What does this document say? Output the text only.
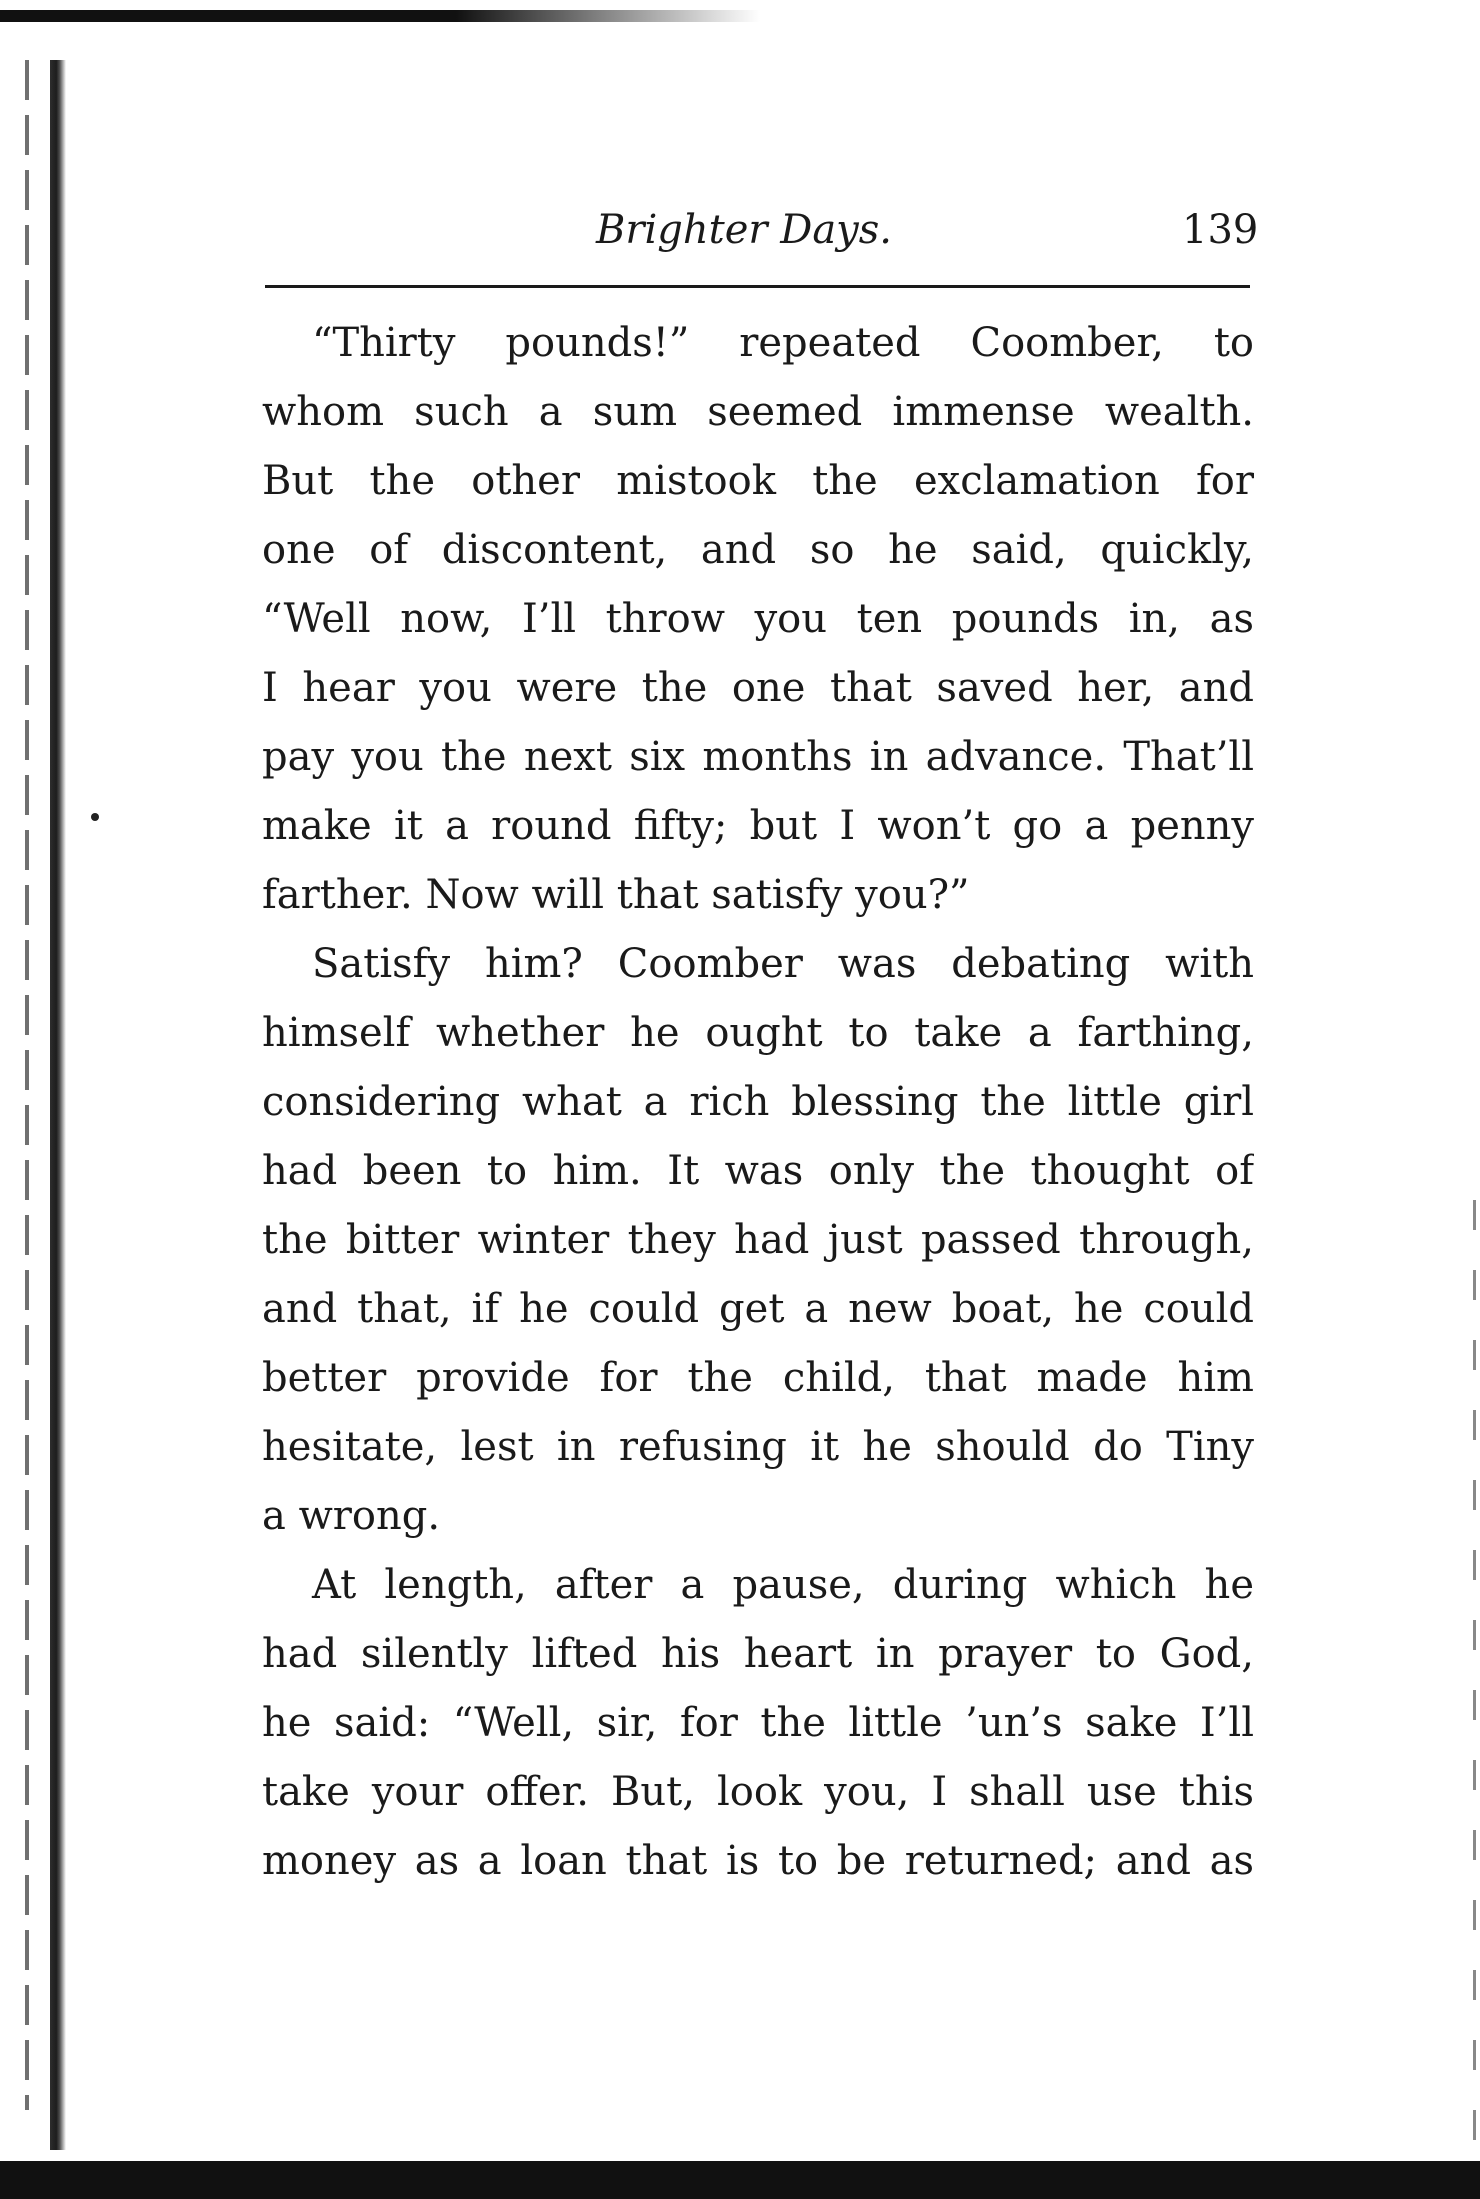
Brighter Days.	139
“Thirty pounds!” repeated Coomber, to
whom such a sum seemed immense wealth.
But the other mistook the exclamation for
one of discontent, and so he said, quickly,
“Well now, I’ll throw you ten pounds in, as
I hear you were the one that saved her, and
pay you the next six months in advance. That’ll
make it a round fifty; but I won’t go a penny
farther. Now will that satisfy you?”
Satisfy him? Coomber was debating with
himself whether he ought to take a farthing,
considering what a rich blessing the little girl
had been to him. It was only the thought of
the bitter winter they had just passed through,
and that, if he could get a new boat, he could
better provide for the child, that made him
hesitate, lest in refusing it he should do Tiny
a wrong.
At length, after a pause, during which he
had silently lifted his heart in prayer to God,
he said: “Well, sir, for the little ’un’s sake I’ll
take your offer. But, look you, I shall use this
money as a loan that is to be returned; and as
